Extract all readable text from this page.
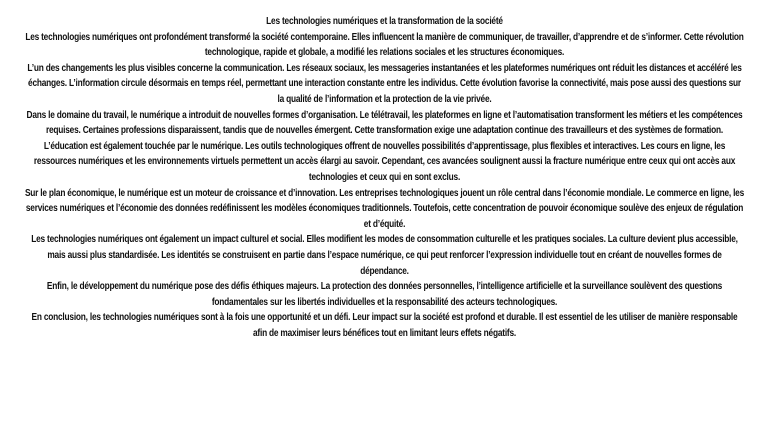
Les technologies numériques et la transformation de la société

Les technologies numériques ont profondément transformé la société contemporaine. Elles influencent la manière de communiquer, de travailler, d’apprendre et de s’informer. Cette révolution technologique, rapide et globale, a modifié les relations sociales et les structures économiques.

L’un des changements les plus visibles concerne la communication. Les réseaux sociaux, les messageries instantanées et les plateformes numériques ont réduit les distances et accéléré les échanges. L’information circule désormais en temps réel, permettant une interaction constante entre les individus. Cette évolution favorise la connectivité, mais pose aussi des questions sur la qualité de l’information et la protection de la vie privée.

Dans le domaine du travail, le numérique a introduit de nouvelles formes d’organisation. Le télétravail, les plateformes en ligne et l’automatisation transforment les métiers et les compétences requises. Certaines professions disparaissent, tandis que de nouvelles émergent. Cette transformation exige une adaptation continue des travailleurs et des systèmes de formation.

L’éducation est également touchée par le numérique. Les outils technologiques offrent de nouvelles possibilités d’apprentissage, plus flexibles et interactives. Les cours en ligne, les ressources numériques et les environnements virtuels permettent un accès élargi au savoir. Cependant, ces avancées soulignent aussi la fracture numérique entre ceux qui ont accès aux technologies et ceux qui en sont exclus.

Sur le plan économique, le numérique est un moteur de croissance et d’innovation. Les entreprises technologiques jouent un rôle central dans l’économie mondiale. Le commerce en ligne, les services numériques et l’économie des données redéfinissent les modèles économiques traditionnels. Toutefois, cette concentration de pouvoir économique soulève des enjeux de régulation et d’équité.

Les technologies numériques ont également un impact culturel et social. Elles modifient les modes de consommation culturelle et les pratiques sociales. La culture devient plus accessible, mais aussi plus standardisée. Les identités se construisent en partie dans l’espace numérique, ce qui peut renforcer l’expression individuelle tout en créant de nouvelles formes de dépendance.

Enfin, le développement du numérique pose des défis éthiques majeurs. La protection des données personnelles, l’intelligence artificielle et la surveillance soulèvent des questions fondamentales sur les libertés individuelles et la responsabilité des acteurs technologiques.

En conclusion, les technologies numériques sont à la fois une opportunité et un défi. Leur impact sur la société est profond et durable. Il est essentiel de les utiliser de manière responsable afin de maximiser leurs bénéfices tout en limitant leurs effets négatifs.
